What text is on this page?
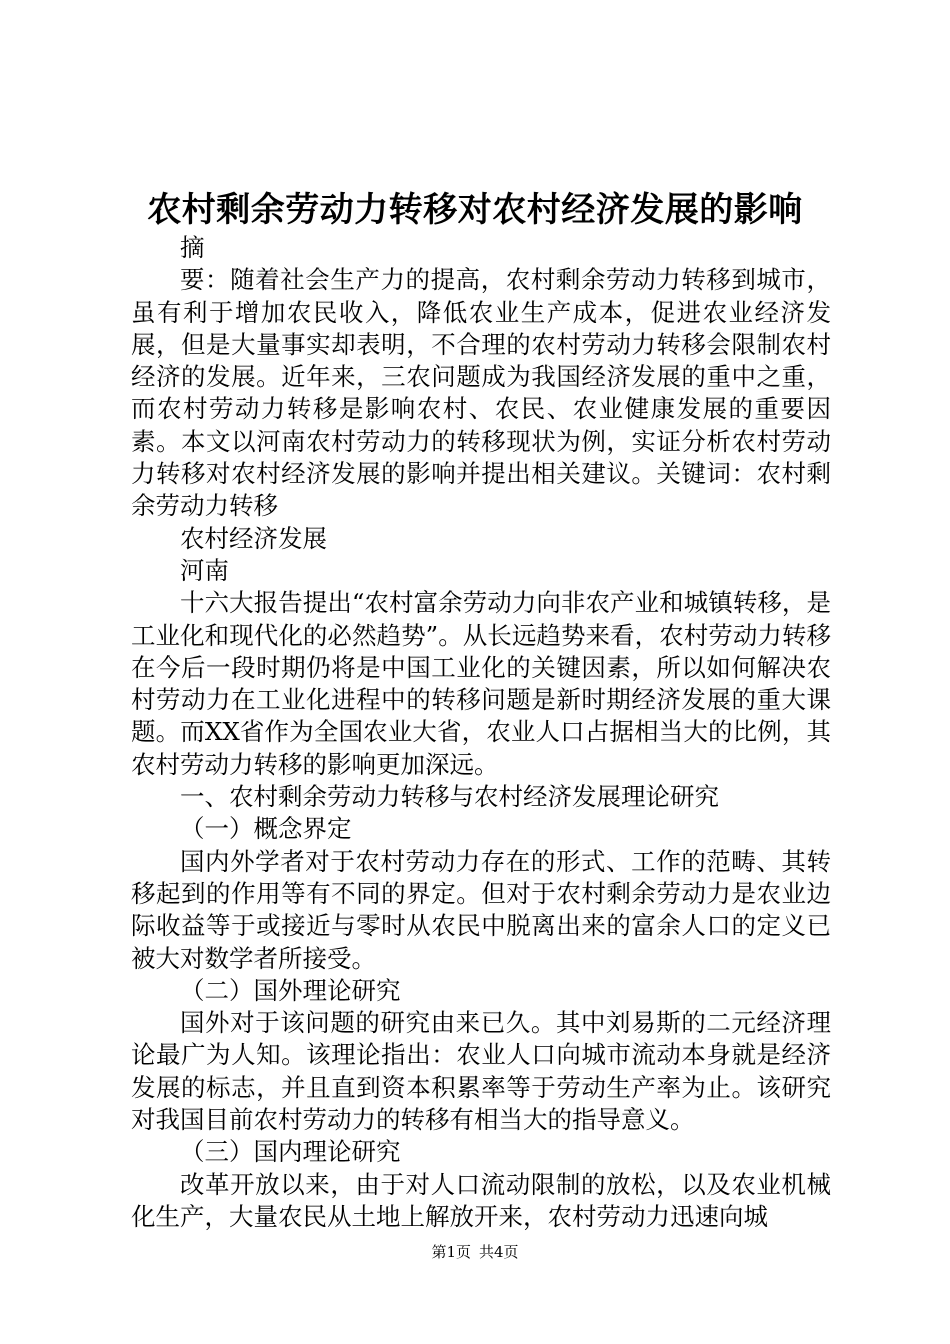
农村剩余劳动力转移对农村经济发展的影响

摘

要：随着社会生产力的提高，农村剩余劳动力转移到城市，虽有利于增加农民收入，降低农业生产成本，促进农业经济发展，但是大量事实却表明，不合理的农村劳动力转移会限制农村经济的发展。近年来，三农问题成为我国经济发展的重中之重，而农村劳动力转移是影响农村、农民、农业健康发展的重要因素。本文以河南农村劳动力的转移现状为例，实证分析农村劳动力转移对农村经济发展的影响并提出相关建议。关键词：农村剩余劳动力转移

农村经济发展

河南

十六大报告提出“农村富余劳动力向非农产业和城镇转移，是工业化和现代化的必然趋势”。从长远趋势来看，农村劳动力转移在今后一段时期仍将是中国工业化的关键因素，所以如何解决农村劳动力在工业化进程中的转移问题是新时期经济发展的重大课题。而XX省作为全国农业大省，农业人口占据相当大的比例，其农村劳动力转移的影响更加深远。

一、农村剩余劳动力转移与农村经济发展理论研究

（一）概念界定

国内外学者对于农村劳动力存在的形式、工作的范畴、其转移起到的作用等有不同的界定。但对于农村剩余劳动力是农业边际收益等于或接近与零时从农民中脱离出来的富余人口的定义已被大对数学者所接受。

（二）国外理论研究

国外对于该问题的研究由来已久。其中刘易斯的二元经济理论最广为人知。该理论指出：农业人口向城市流动本身就是经济发展的标志，并且直到资本积累率等于劳动生产率为止。该研究对我国目前农村劳动力的转移有相当大的指导意义。

（三）国内理论研究

改革开放以来，由于对人口流动限制的放松，以及农业机械化生产，大量农民从土地上解放开来，农村劳动力迅速向城

第1页 共4页
